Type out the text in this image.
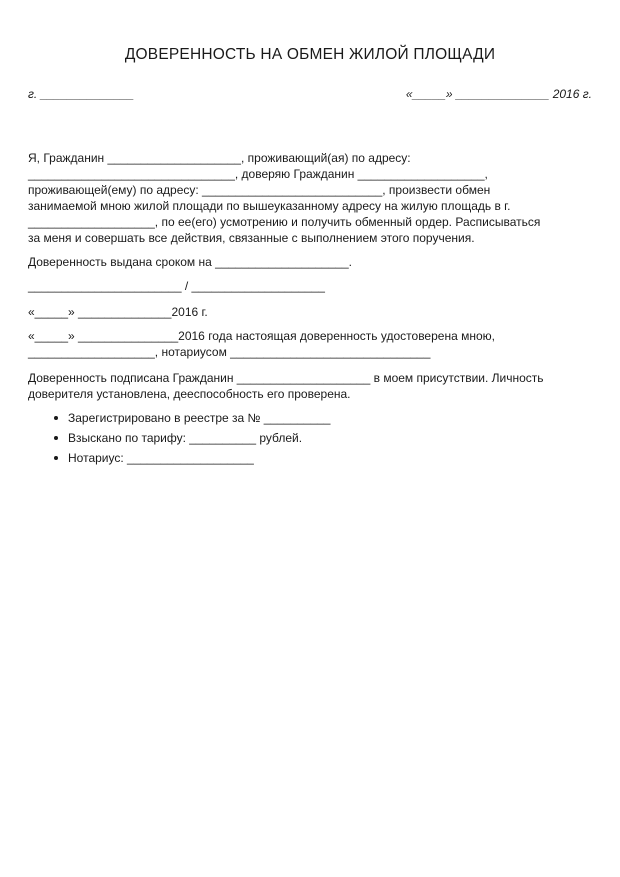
ДОВЕРЕННОСТЬ НА ОБМЕН ЖИЛОЙ ПЛОЩАДИ
г. ______________	«_____» ______________ 2016 г.
Я, Гражданин ____________________, проживающий(ая) по адресу:
_______________________________, доверяю Гражданин ___________________,
проживающей(ему) по адресу: ___________________________, произвести обмен
занимаемой мною жилой площади по вышеуказанному адресу на жилую площадь в г.
___________________, по ее(его) усмотрению и получить обменный ордер. Расписываться
за меня и совершать все действия, связанные с выполнением этого поручения.
Доверенность выдана сроком на ____________________.
_______________________ / ____________________
«_____» ______________2016 г.
«_____» _______________2016 года настоящая доверенность удостоверена мною,
___________________, нотариусом ______________________________
Доверенность подписана Гражданин ____________________ в моем присутствии. Личность
доверителя установлена, дееспособность его проверена.
Зарегистрировано в реестре за № __________
Взыскано по тарифу: __________ рублей.
Нотариус: ___________________
